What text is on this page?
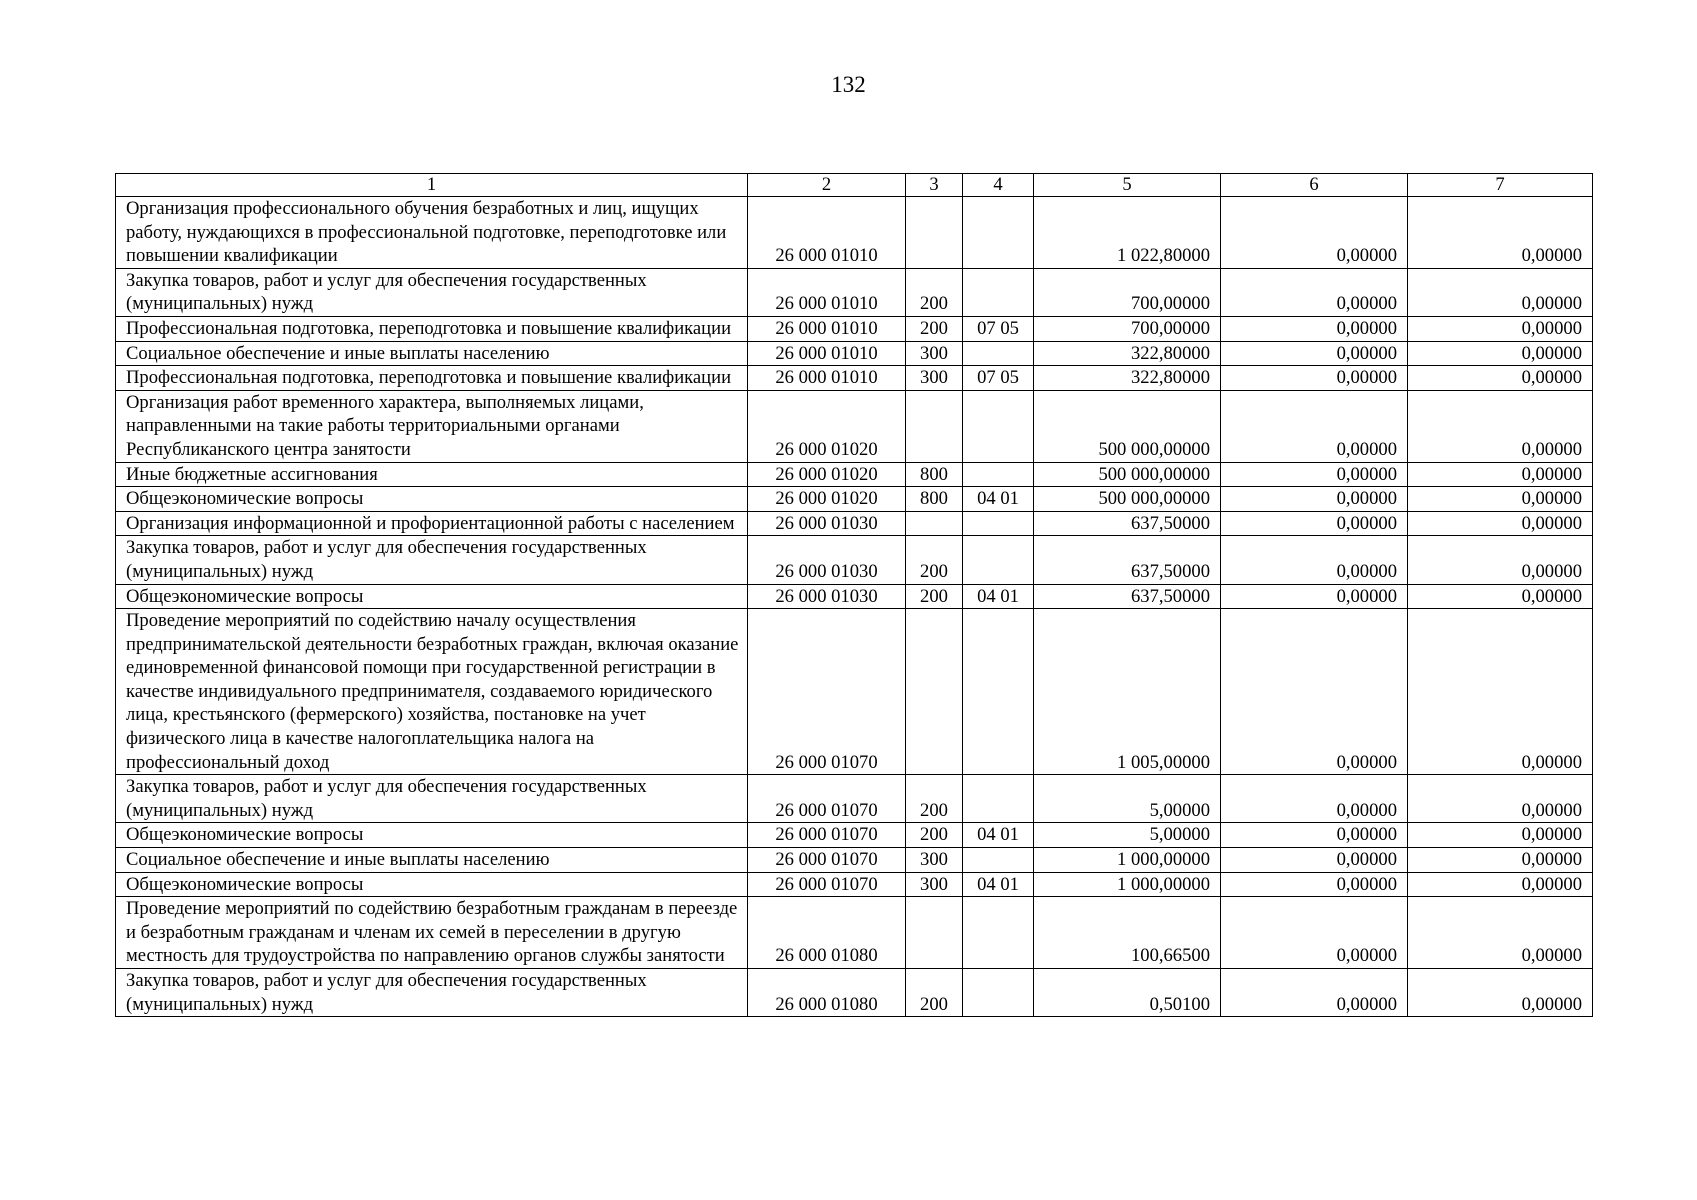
132
1	2	3	4	5	6	7
Организация профессионального обучения безработных и лиц, ищущих работу, нуждающихся в профессиональной подготовке, переподготовке или повышении квалификации	26 000 01010			1 022,80000	0,00000	0,00000
Закупка товаров, работ и услуг для обеспечения государственных (муниципальных) нужд	26 000 01010	200		700,00000	0,00000	0,00000
Профессиональная подготовка, переподготовка и повышение квалификации	26 000 01010	200	07 05	700,00000	0,00000	0,00000
Социальное обеспечение и иные выплаты населению	26 000 01010	300		322,80000	0,00000	0,00000
Профессиональная подготовка, переподготовка и повышение квалификации	26 000 01010	300	07 05	322,80000	0,00000	0,00000
Организация работ временного характера, выполняемых лицами, направленными на такие работы территориальными органами Республиканского центра занятости	26 000 01020			500 000,00000	0,00000	0,00000
Иные бюджетные ассигнования	26 000 01020	800		500 000,00000	0,00000	0,00000
Общеэкономические вопросы	26 000 01020	800	04 01	500 000,00000	0,00000	0,00000
Организация информационной и профориентационной работы с населением	26 000 01030			637,50000	0,00000	0,00000
Закупка товаров, работ и услуг для обеспечения государственных (муниципальных) нужд	26 000 01030	200		637,50000	0,00000	0,00000
Общеэкономические вопросы	26 000 01030	200	04 01	637,50000	0,00000	0,00000
Проведение мероприятий по содействию началу осуществления предпринимательской деятельности безработных граждан, включая оказание единовременной финансовой помощи при государственной регистрации в качестве индивидуального предпринимателя, создаваемого юридического лица, крестьянского (фермерского) хозяйства, постановке на учет физического лица в качестве налогоплательщика налога на профессиональный доход	26 000 01070			1 005,00000	0,00000	0,00000
Закупка товаров, работ и услуг для обеспечения государственных (муниципальных) нужд	26 000 01070	200		5,00000	0,00000	0,00000
Общеэкономические вопросы	26 000 01070	200	04 01	5,00000	0,00000	0,00000
Социальное обеспечение и иные выплаты населению	26 000 01070	300		1 000,00000	0,00000	0,00000
Общеэкономические вопросы	26 000 01070	300	04 01	1 000,00000	0,00000	0,00000
Проведение мероприятий по содействию безработным гражданам в переезде и безработным гражданам и членам их семей в переселении в другую местность для трудоустройства по направлению органов службы занятости	26 000 01080			100,66500	0,00000	0,00000
Закупка товаров, работ и услуг для обеспечения государственных (муниципальных) нужд	26 000 01080	200		0,50100	0,00000	0,00000
